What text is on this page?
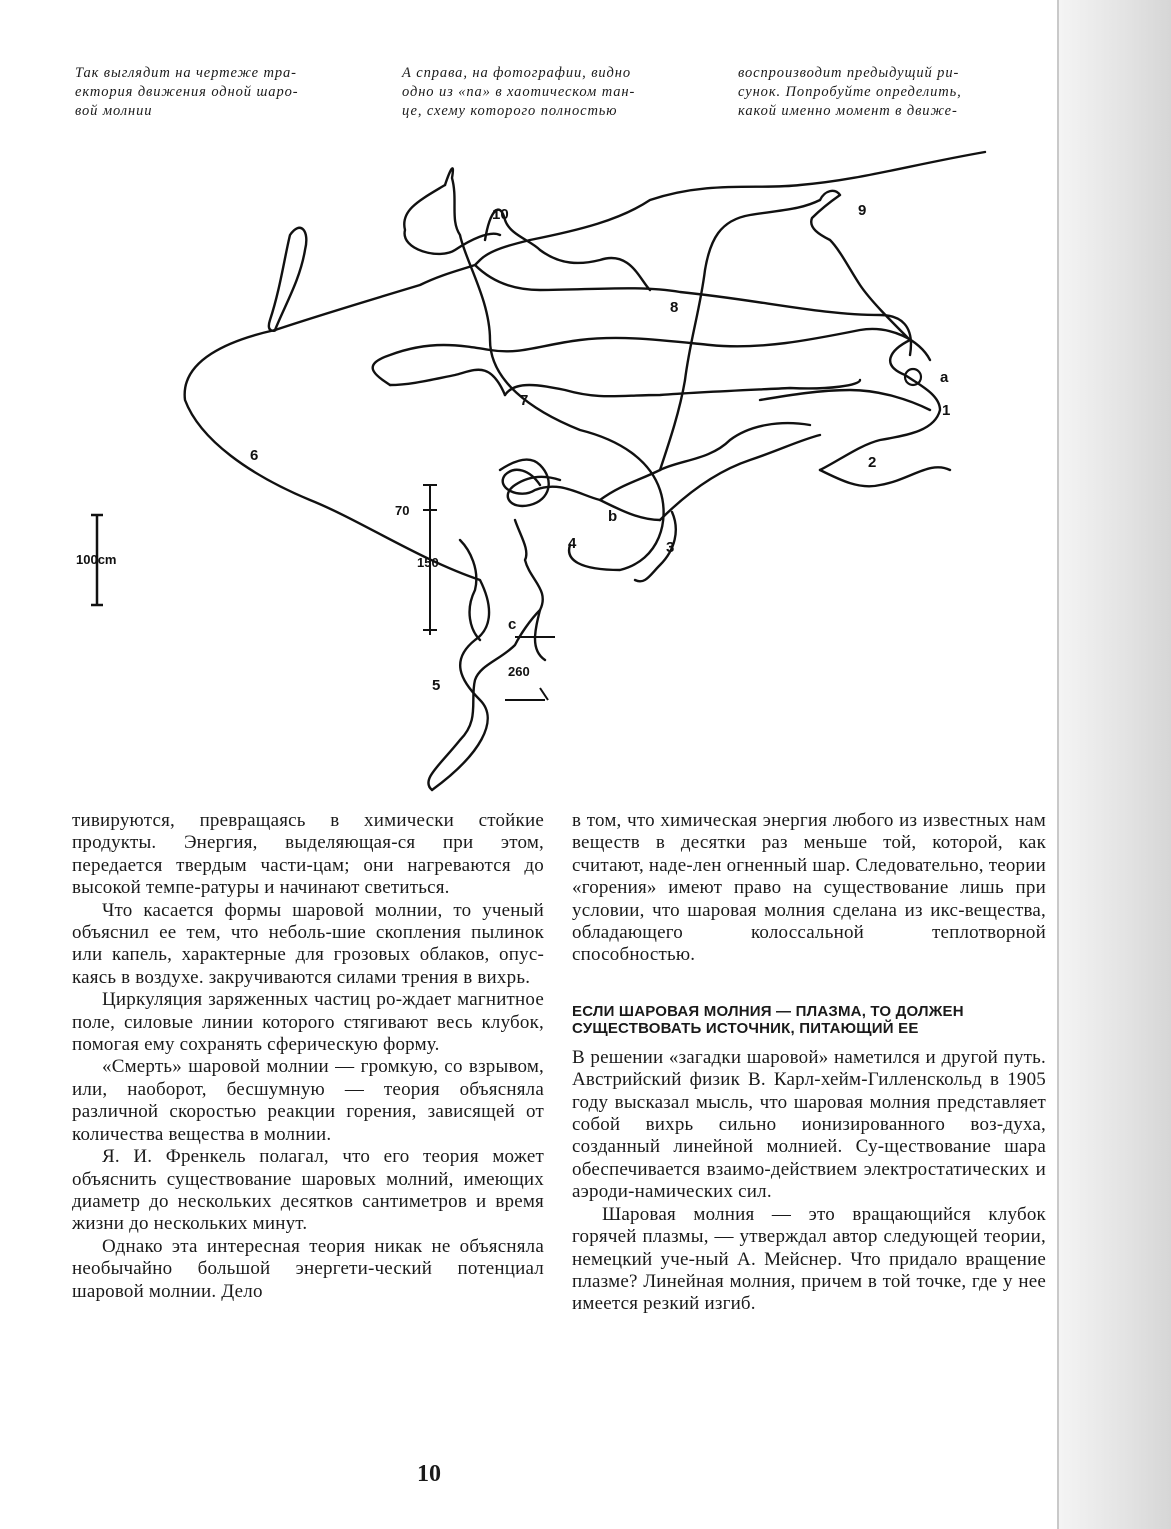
Так выглядит на чертеже тра-
ектория движения одной шаро-
вой молнии

А справа, на фотографии, видно
одно из «па» в хаотическом тан-
це, схему которого полностью

воспроизводит предыдущий ри-
сунок. Попробуйте определить,
какой именно момент в движе-

10	9
8
7
6
5
4	3
2
1
a
b
c
100cm
70
150
260

тивируются, превращаясь в химически стойкие продукты. Энергия, выделяющая-ся при этом, передается твердым части-цам; они нагреваются до высокой темпе-ратуры и начинают светиться.

Что касается формы шаровой молнии, то ученый объяснил ее тем, что неболь-шие скопления пылинок или капель, характерные для грозовых облаков, опус-каясь в воздухе. закручиваются силами трения в вихрь.

Циркуляция заряженных частиц ро-ждает магнитное поле, силовые линии которого стягивают весь клубок, помогая ему сохранять сферическую форму.

«Смерть» шаровой молнии — громкую, со взрывом, или, наоборот, бесшумную — теория объясняла различной скоростью реакции горения, зависящей от количества вещества в молнии.

Я. И. Френкель полагал, что его теория может объяснить существование шаровых молний, имеющих диаметр до нескольких десятков сантиметров и время жизни до нескольких минут.

Однако эта интересная теория никак не объясняла необычайно большой энергети-ческий потенциал шаровой молнии. Дело

в том, что химическая энергия любого из известных нам веществ в десятки раз меньше той, которой, как считают, наде-лен огненный шар. Следовательно, теории «горения» имеют право на существование лишь при условии, что шаровая молния сделана из икс-вещества, обладающего колоссальной теплотворной способностью.

ЕСЛИ ШАРОВАЯ МОЛНИЯ — ПЛАЗМА, ТО ДОЛЖЕН СУЩЕСТВОВАТЬ ИСТОЧНИК, ПИТАЮЩИЙ ЕЕ

В решении «загадки шаровой» наметился и другой путь. Австрийский физик В. Карл-хейм-Гилленскольд в 1905 году высказал мысль, что шаровая молния представляет собой вихрь сильно ионизированного воз-духа, созданный линейной молнией. Су-ществование шара обеспечивается взаимо-действием электростатических и аэроди-намических сил.

Шаровая молния — это вращающийся клубок горячей плазмы, — утверждал автор следующей теории, немецкий уче-ный А. Мейснер. Что придало вращение плазме? Линейная молния, причем в той точке, где у нее имеется резкий изгиб.

10
